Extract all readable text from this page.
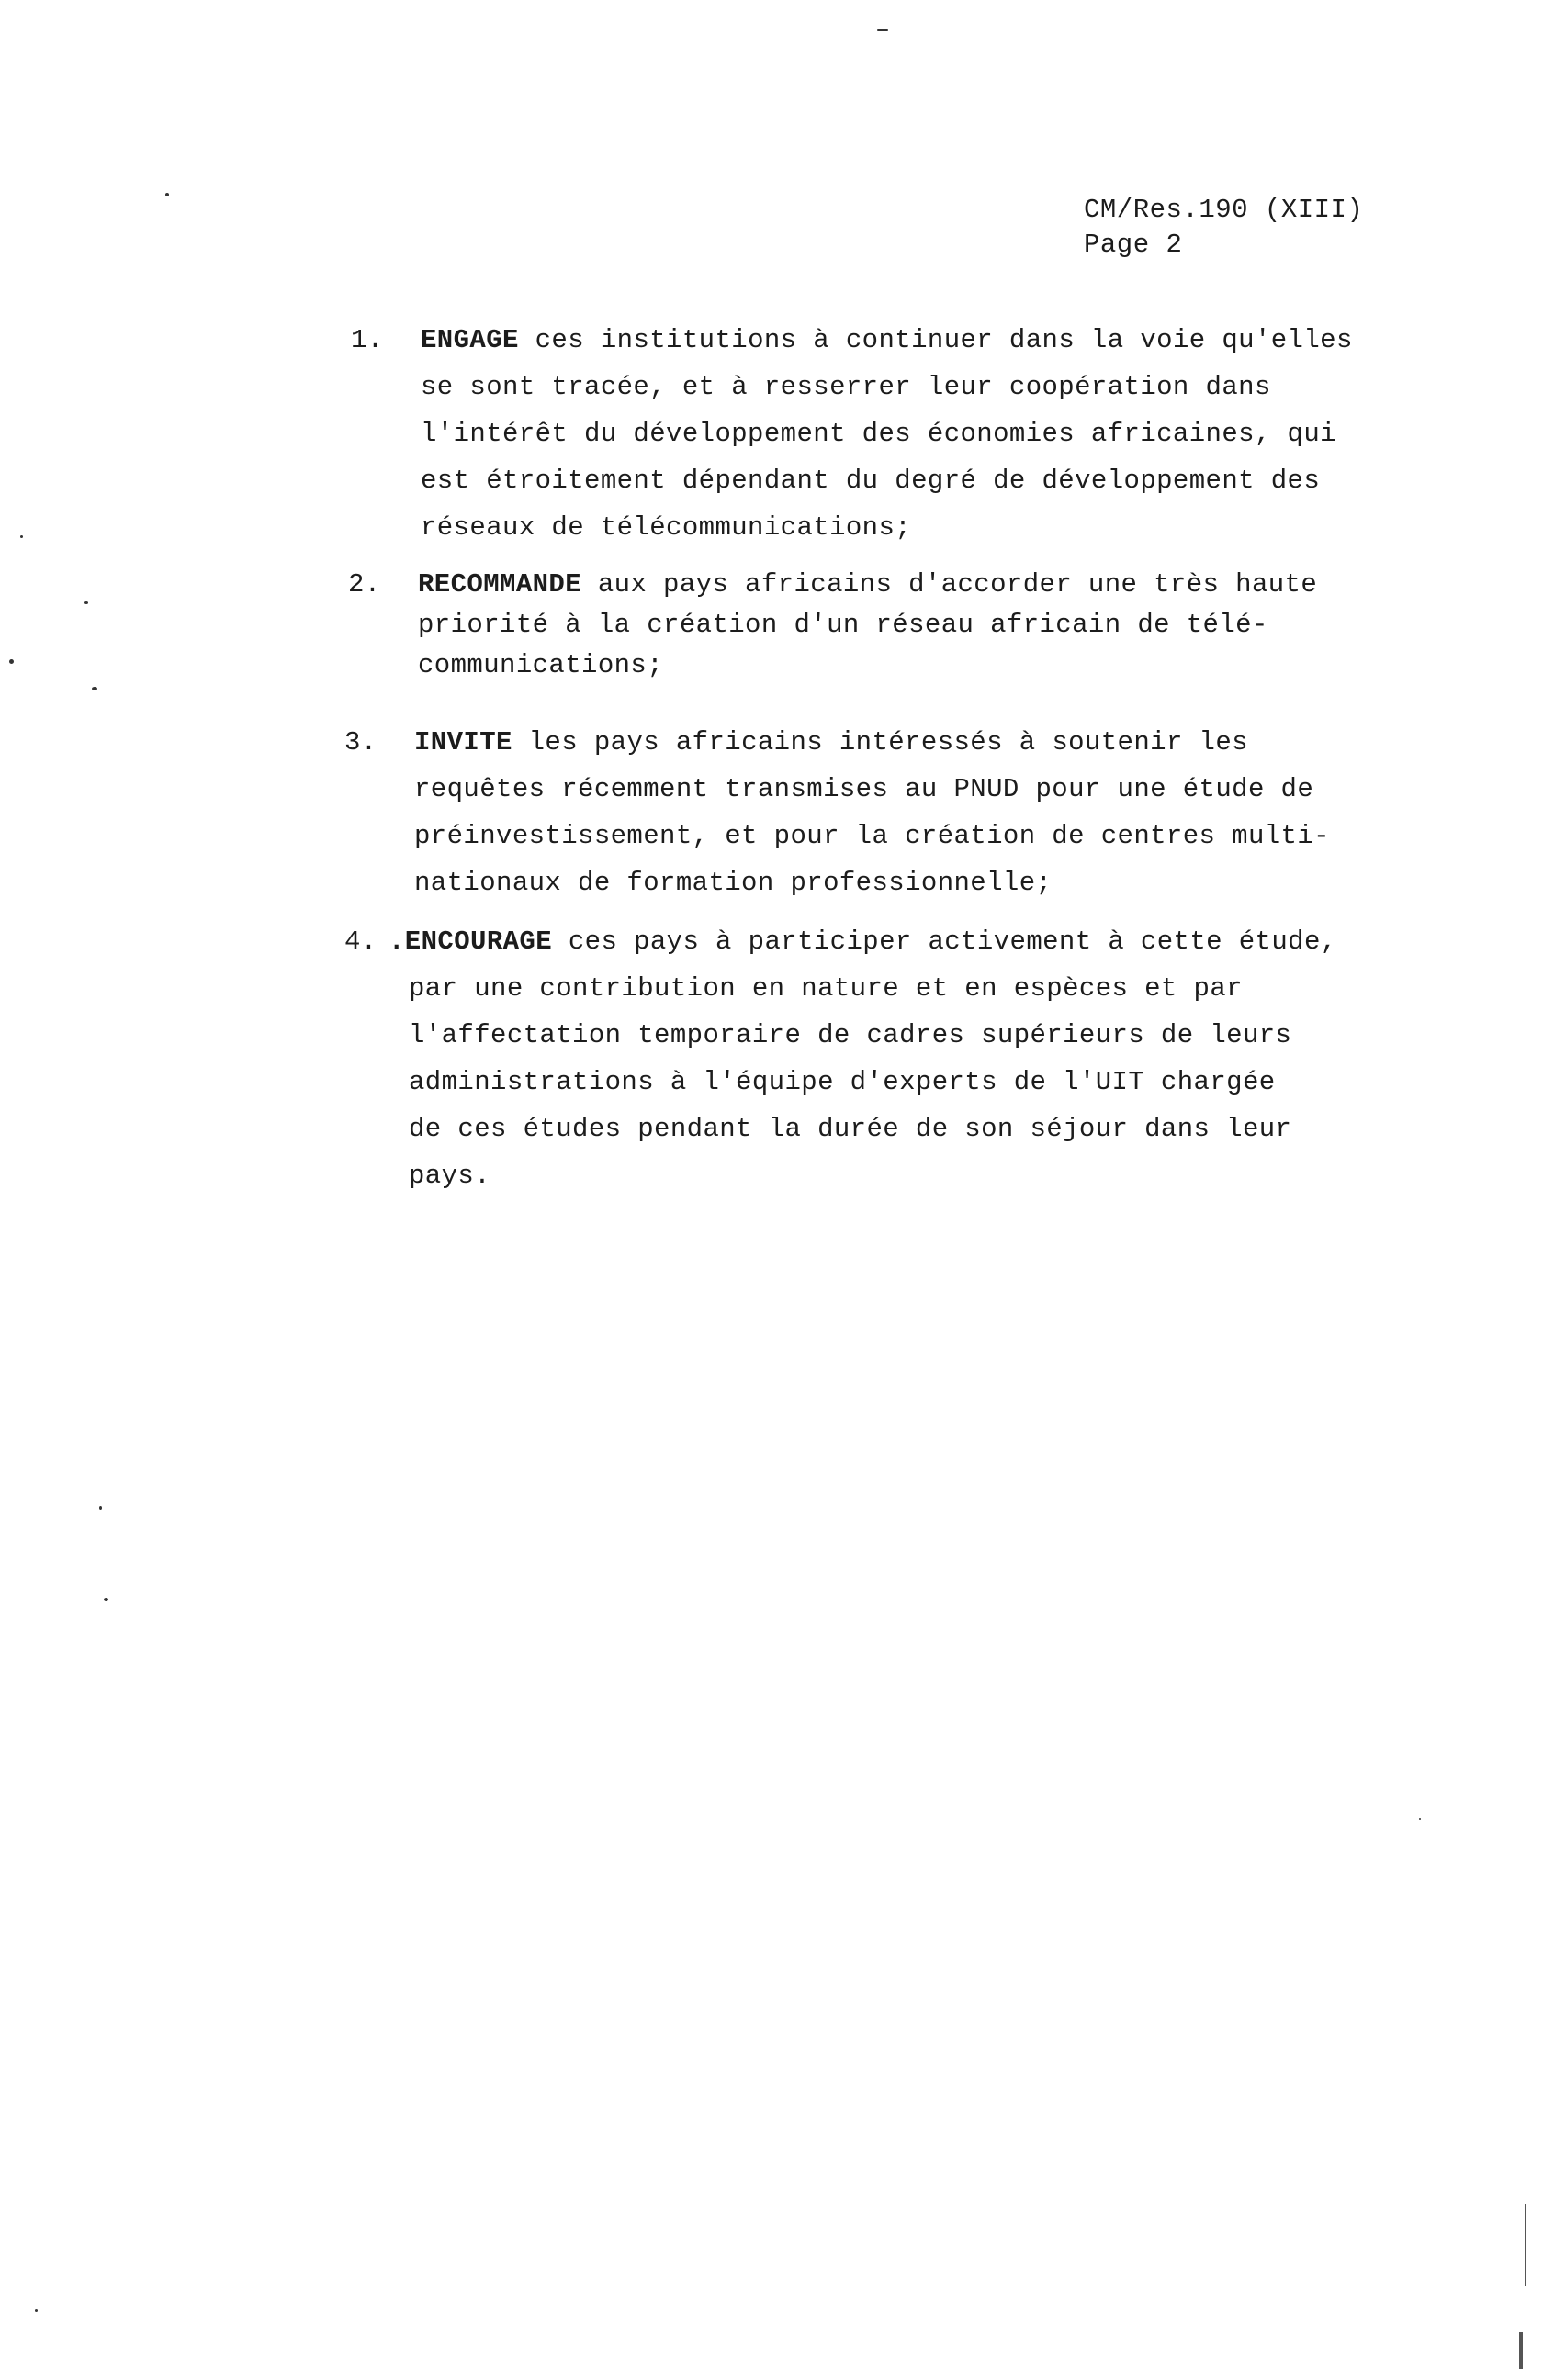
CM/Res.190 (XIII)
Page 2
1. ENGAGE ces institutions à continuer dans la voie qu'elles
se sont tracée, et à resserrer leur coopération dans
l'intérêt du développement des économies africaines, qui
est étroitement dépendant du degré de développement des
réseaux de télécommunications;
2. RECOMMANDE aux pays africains d'accorder une très haute
priorité à la création d'un réseau africain de télé-
communications;
3. INVITE les pays africains intéressés à soutenir les
requêtes récemment transmises au PNUD pour une étude de
préinvestissement, et pour la création de centres multi-
nationaux de formation professionnelle;
4. .ENCOURAGE ces pays à participer activement à cette étude,
par une contribution en nature et en espèces et par
l'affectation temporaire de cadres supérieurs de leurs
administrations à l'équipe d'experts de l'UIT chargée
de ces études pendant la durée de son séjour dans leur
pays.
